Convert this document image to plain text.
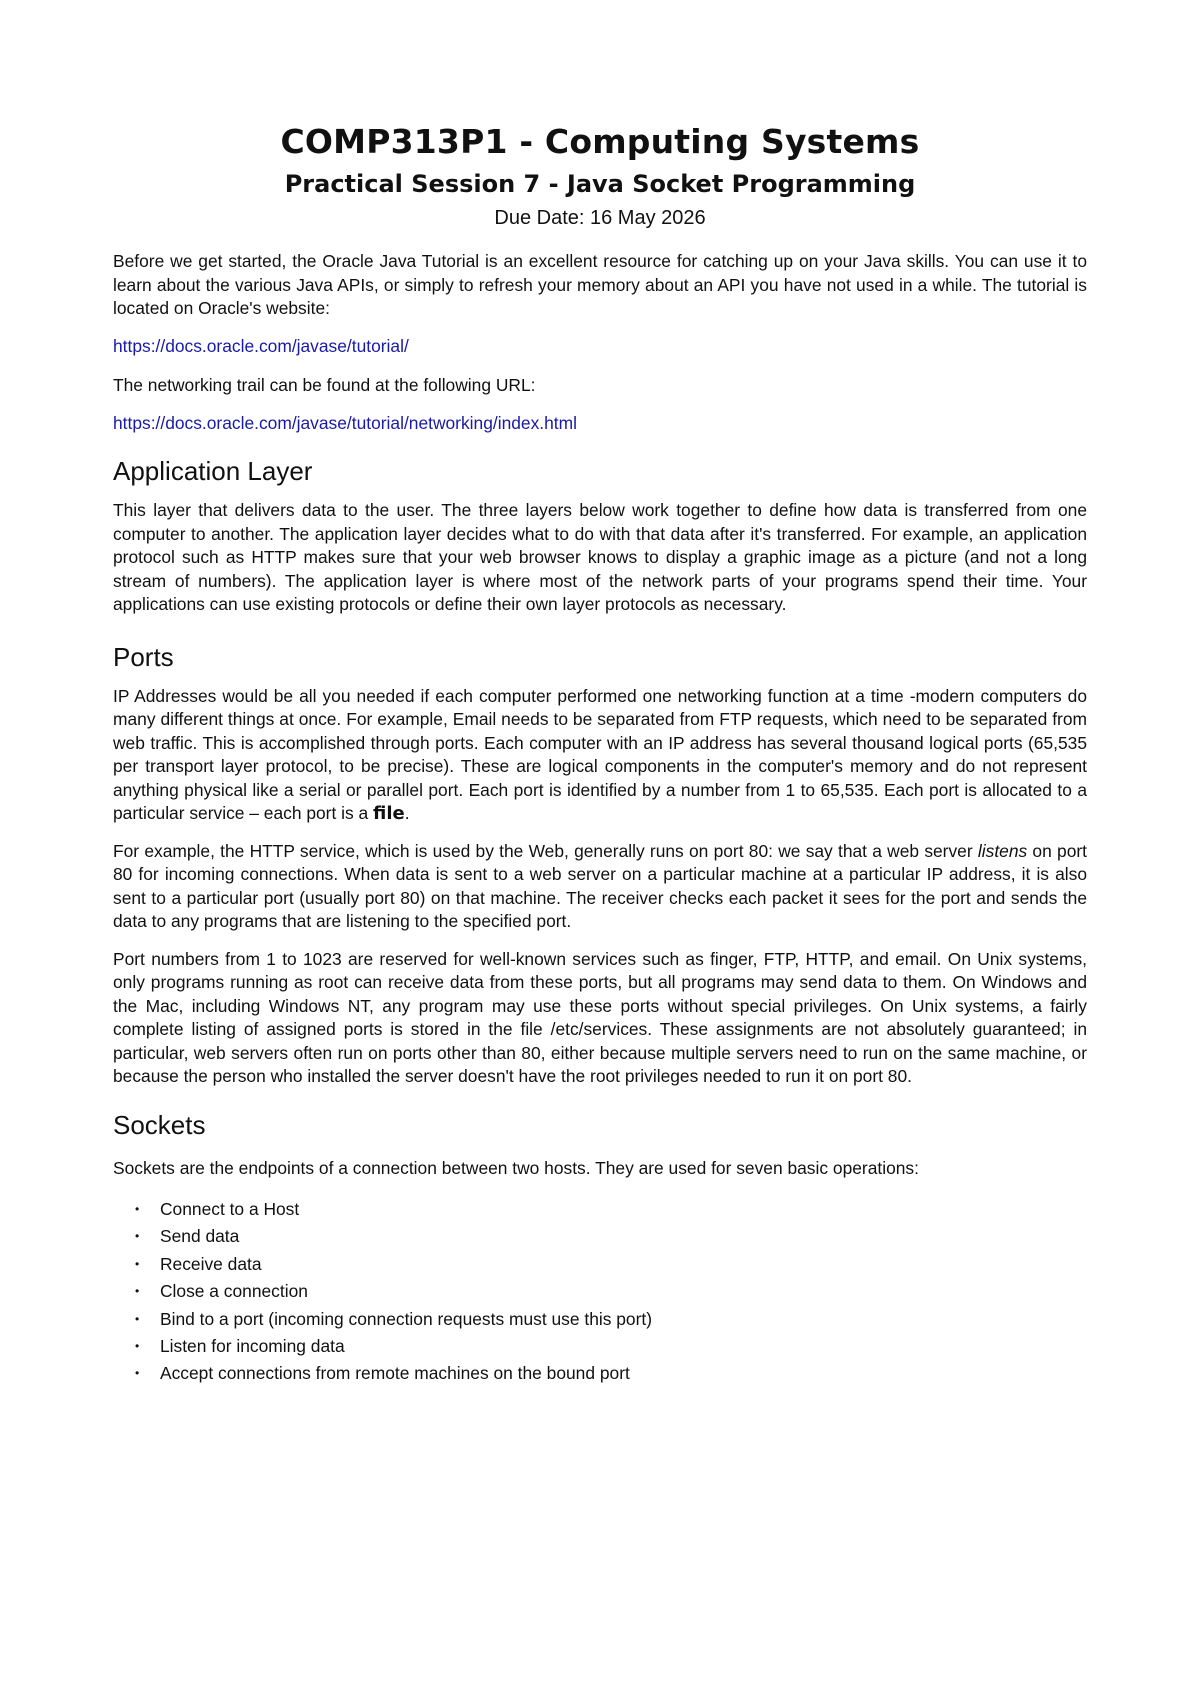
COMP313P1 - Computing Systems
Practical Session 7 - Java Socket Programming

Due Date: 16 May 2026

Before we get started, the Oracle Java Tutorial is an excellent resource for catching up on your Java skills. You can use it to learn about the various Java APIs, or simply to refresh your memory about an API you have not used in a while. The tutorial is located on Oracle's website:

https://docs.oracle.com/javase/tutorial/

The networking trail can be found at the following URL:

https://docs.oracle.com/javase/tutorial/networking/index.html

Application Layer

This layer that delivers data to the user. The three layers below work together to define how data is transferred from one computer to another. The application layer decides what to do with that data after it's transferred. For example, an application protocol such as HTTP makes sure that your web browser knows to display a graphic image as a picture (and not a long stream of numbers). The application layer is where most of the network parts of your programs spend their time. Your applications can use existing protocols or define their own layer protocols as necessary.

Ports

IP Addresses would be all you needed if each computer performed one networking function at a time -modern computers do many different things at once. For example, Email needs to be separated from FTP requests, which need to be separated from web traffic. This is accomplished through ports. Each computer with an IP address has several thousand logical ports (65,535 per transport layer protocol, to be precise). These are logical components in the computer's memory and do not represent anything physical like a serial or parallel port. Each port is identified by a number from 1 to 65,535. Each port is allocated to a particular service – each port is a file.

For example, the HTTP service, which is used by the Web, generally runs on port 80: we say that a web server listens on port 80 for incoming connections. When data is sent to a web server on a particular machine at a particular IP address, it is also sent to a particular port (usually port 80) on that machine. The receiver checks each packet it sees for the port and sends the data to any programs that are listening to the specified port.

Port numbers from 1 to 1023 are reserved for well-known services such as finger, FTP, HTTP, and email. On Unix systems, only programs running as root can receive data from these ports, but all programs may send data to them. On Windows and the Mac, including Windows NT, any program may use these ports without special privileges. On Unix systems, a fairly complete listing of assigned ports is stored in the file /etc/services. These assignments are not absolutely guaranteed; in particular, web servers often run on ports other than 80, either because multiple servers need to run on the same machine, or because the person who installed the server doesn't have the root privileges needed to run it on port 80.

Sockets

Sockets are the endpoints of a connection between two hosts. They are used for seven basic operations:

• Connect to a Host
• Send data
• Receive data
• Close a connection
• Bind to a port (incoming connection requests must use this port)
• Listen for incoming data
• Accept connections from remote machines on the bound port
